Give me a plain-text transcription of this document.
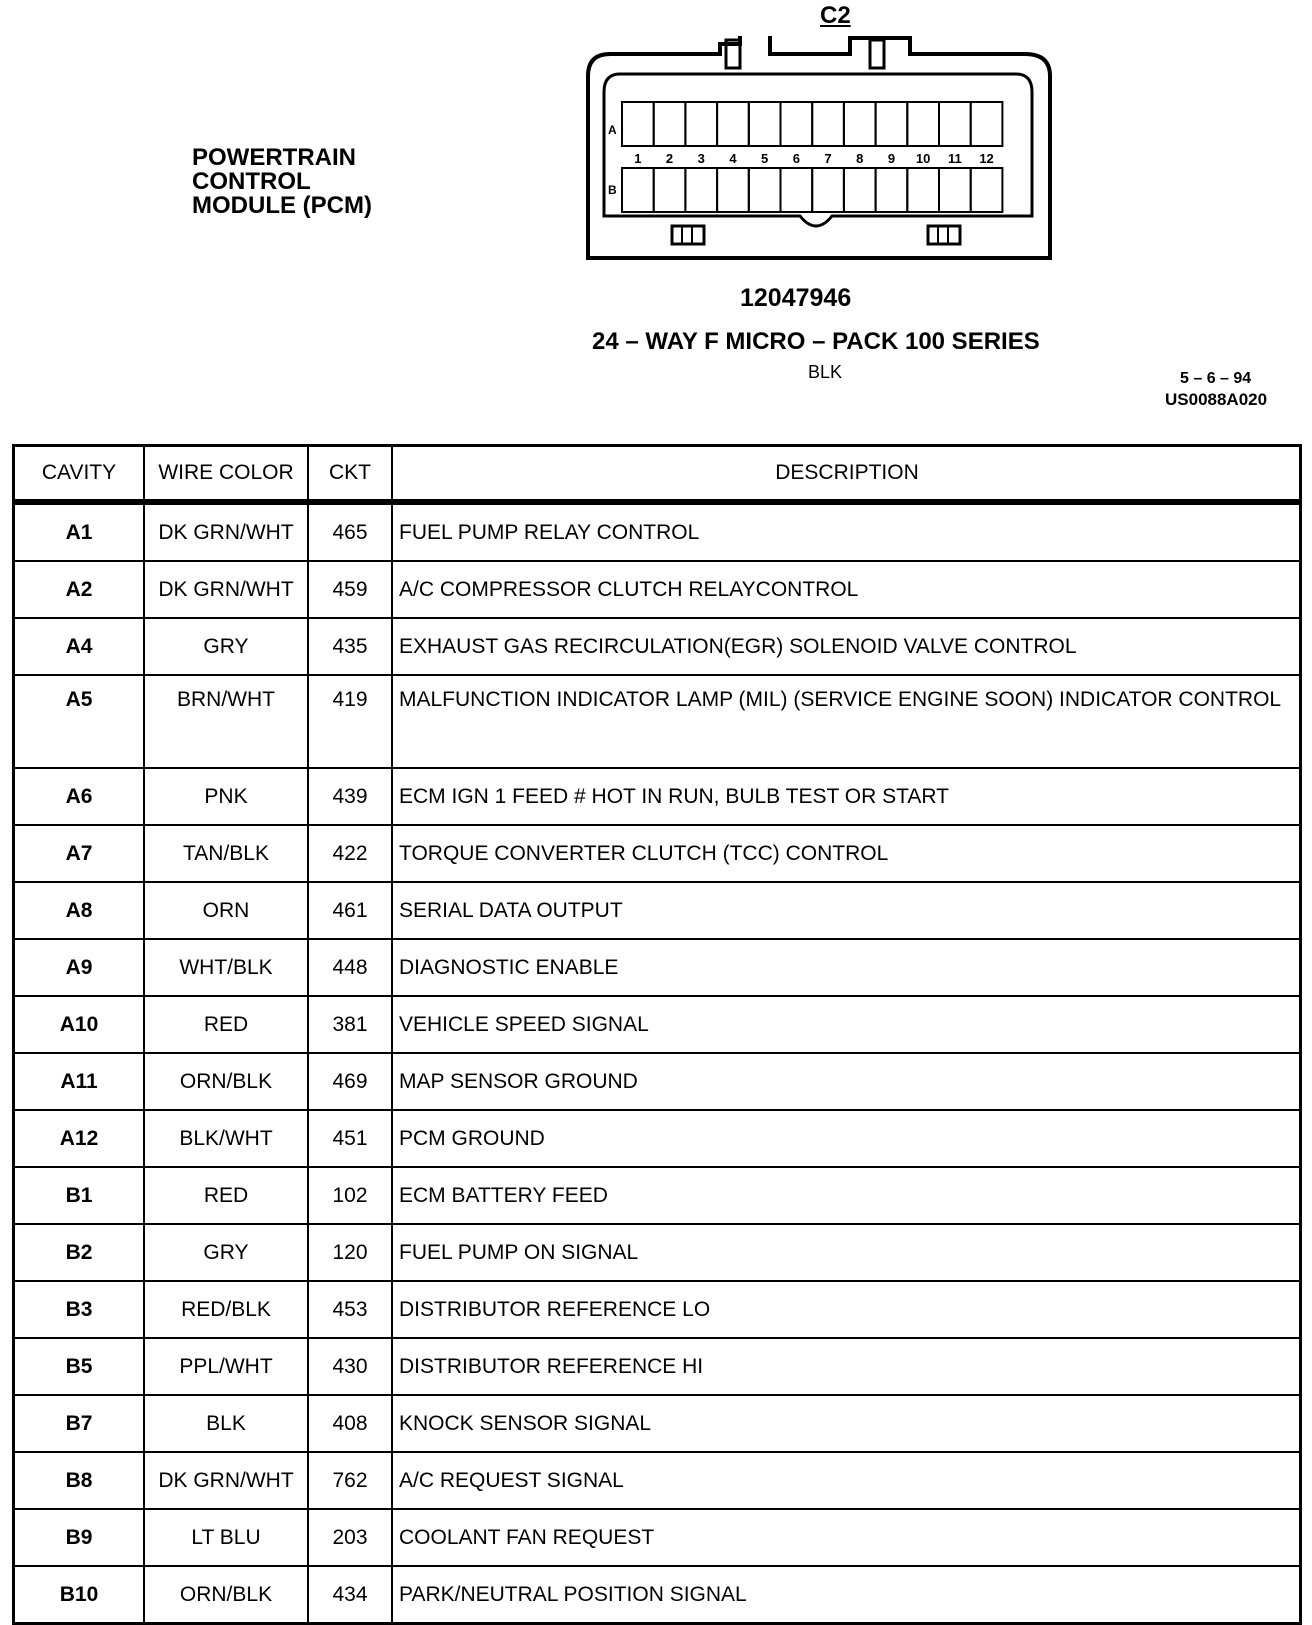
POWERTRAIN
CONTROL
MODULE (PCM)
C2
A
B
1 2 3 4 5 6 7 8 9 10 11 12
12047946
24 – WAY F MICRO – PACK 100 SERIES
BLK	5 – 6 – 94
US0088A020
CAVITY	WIRE COLOR	CKT	DESCRIPTION
A1	DK GRN/WHT	465	FUEL PUMP RELAY CONTROL
A2	DK GRN/WHT	459	A/C COMPRESSOR CLUTCH RELAYCONTROL
A4	GRY	435	EXHAUST GAS RECIRCULATION(EGR) SOLENOID VALVE CONTROL
A5	BRN/WHT	419	MALFUNCTION INDICATOR LAMP (MIL) (SERVICE ENGINE SOON) INDICATOR CONTROL
A6	PNK	439	ECM IGN 1 FEED # HOT IN RUN, BULB TEST OR START
A7	TAN/BLK	422	TORQUE CONVERTER CLUTCH (TCC) CONTROL
A8	ORN	461	SERIAL DATA OUTPUT
A9	WHT/BLK	448	DIAGNOSTIC ENABLE
A10	RED	381	VEHICLE SPEED SIGNAL
A11	ORN/BLK	469	MAP SENSOR GROUND
A12	BLK/WHT	451	PCM GROUND
B1	RED	102	ECM BATTERY FEED
B2	GRY	120	FUEL PUMP ON SIGNAL
B3	RED/BLK	453	DISTRIBUTOR REFERENCE LO
B5	PPL/WHT	430	DISTRIBUTOR REFERENCE HI
B7	BLK	408	KNOCK SENSOR SIGNAL
B8	DK GRN/WHT	762	A/C REQUEST SIGNAL
B9	LT BLU	203	COOLANT FAN REQUEST
B10	ORN/BLK	434	PARK/NEUTRAL POSITION SIGNAL
